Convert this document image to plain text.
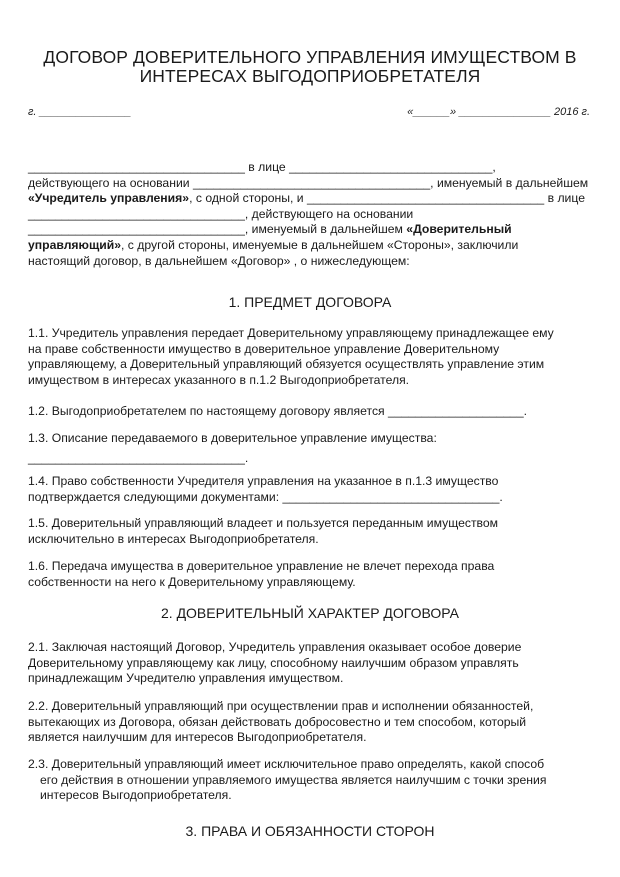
ДОГОВОР ДОВЕРИТЕЛЬНОГО УПРАВЛЕНИЯ ИМУЩЕСТВОМ В
ИНТЕРЕСАХ ВЫГОДОПРИОБРЕТАТЕЛЯ
г. _______________	«______» _______________ 2016 г.
________________________________ в лице ______________________________,
действующего на основании ___________________________________, именуемый в дальнейшем
«Учредитель управления», с одной стороны, и ___________________________________ в лице
________________________________, действующего на основании
________________________________, именуемый в дальнейшем «Доверительный
управляющий», с другой стороны, именуемые в дальнейшем «Стороны», заключили
настоящий договор, в дальнейшем «Договор» , о нижеследующем:
1. ПРЕДМЕТ ДОГОВОРА
1.1. Учредитель управления передает Доверительному управляющему принадлежащее ему
на праве собственности имущество в доверительное управление Доверительному
управляющему, а Доверительный управляющий обязуется осуществлять управление этим
имуществом в интересах указанного в п.1.2 Выгодоприобретателя.
1.2. Выгодоприобретателем по настоящему договору является ____________________.
1.3. Описание передаваемого в доверительное управление имущества:
________________________________.
1.4. Право собственности Учредителя управления на указанное в п.1.3 имущество
подтверждается следующими документами: ________________________________.
1.5. Доверительный управляющий владеет и пользуется переданным имуществом
исключительно в интересах Выгодоприобретателя.
1.6. Передача имущества в доверительное управление не влечет перехода права
собственности на него к Доверительному управляющему.
2. ДОВЕРИТЕЛЬНЫЙ ХАРАКТЕР ДОГОВОРА
2.1. Заключая настоящий Договор, Учредитель управления оказывает особое доверие
Доверительному управляющему как лицу, способному наилучшим образом управлять
принадлежащим Учредителю управления имуществом.
2.2. Доверительный управляющий при осуществлении прав и исполнении обязанностей,
вытекающих из Договора, обязан действовать добросовестно и тем способом, который
является наилучшим для интересов Выгодоприобретателя.
2.3. Доверительный управляющий имеет исключительное право определять, какой способ
его действия в отношении управляемого имущества является наилучшим с точки зрения
интересов Выгодоприобретателя.
3. ПРАВА И ОБЯЗАННОСТИ СТОРОН
